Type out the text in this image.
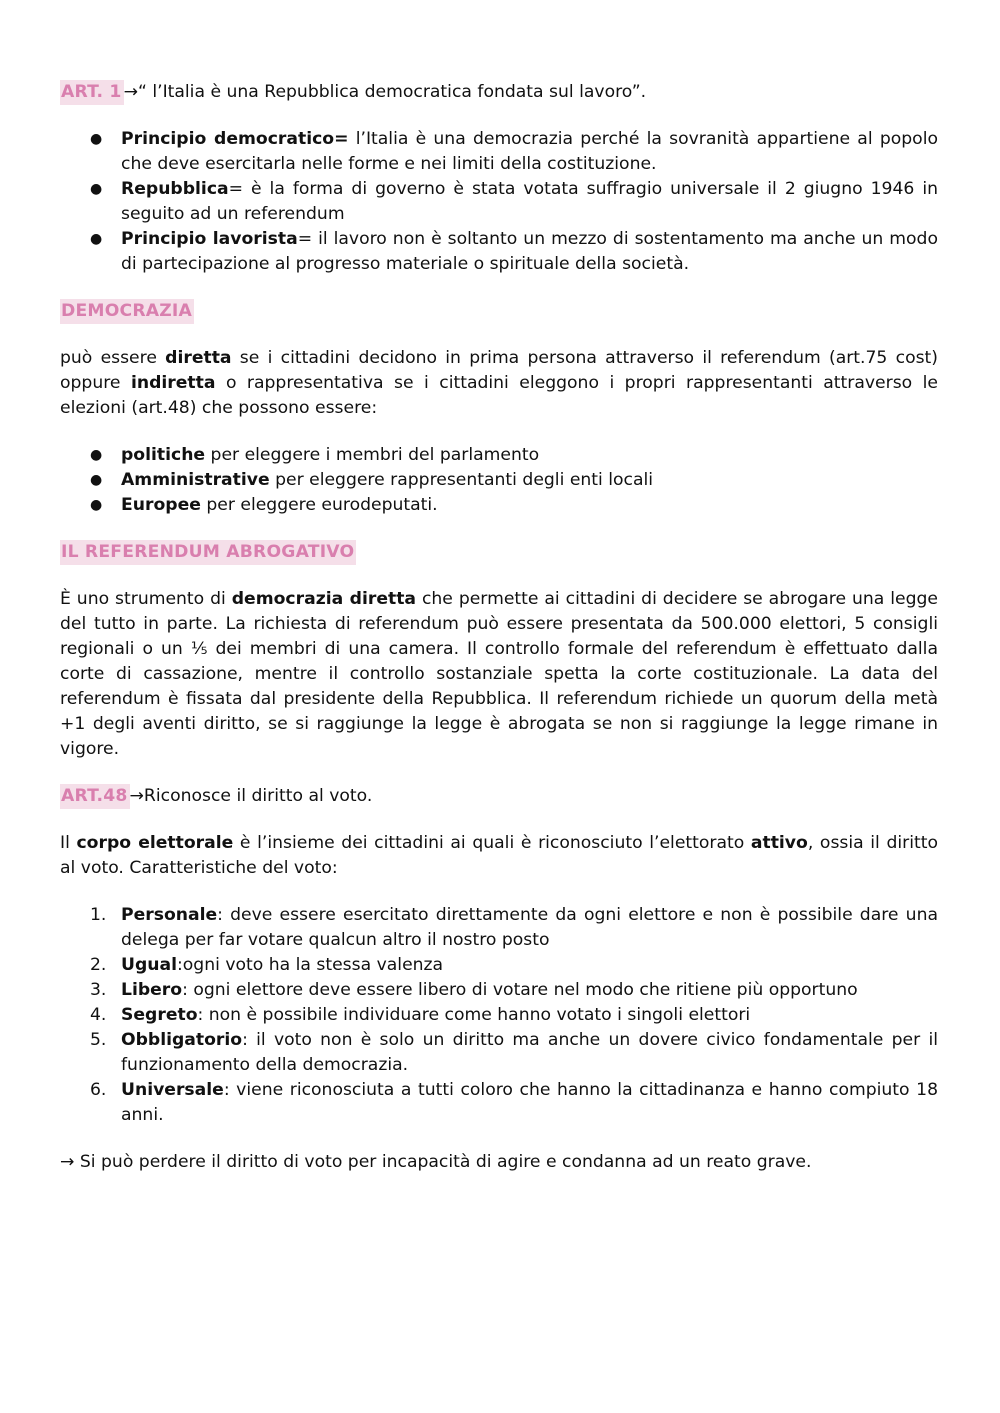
ART. 1→“ l’Italia è una Repubblica democratica fondata sul lavoro”.

● Principio democratico= l’Italia è una democrazia perché la sovranità appartiene al popolo che deve esercitarla nelle forme e nei limiti della costituzione.
● Repubblica= è la forma di governo è stata votata suffragio universale il 2 giugno 1946 in seguito ad un referendum
● Principio lavorista= il lavoro non è soltanto un mezzo di sostentamento ma anche un modo di partecipazione al progresso materiale o spirituale della società.

DEMOCRAZIA

può essere diretta se i cittadini decidono in prima persona attraverso il referendum (art.75 cost) oppure indiretta o rappresentativa se i cittadini eleggono i propri rappresentanti attraverso le elezioni (art.48) che possono essere:

● politiche per eleggere i membri del parlamento
● Amministrative per eleggere rappresentanti degli enti locali
● Europee per eleggere eurodeputati.

IL REFERENDUM ABROGATIVO

È uno strumento di democrazia diretta che permette ai cittadini di decidere se abrogare una legge del tutto in parte. La richiesta di referendum può essere presentata da 500.000 elettori, 5 consigli regionali o un ⅕ dei membri di una camera. Il controllo formale del referendum è effettuato dalla corte di cassazione, mentre il controllo sostanziale spetta la corte costituzionale. La data del referendum è fissata dal presidente della Repubblica. Il referendum richiede un quorum della metà +1 degli aventi diritto, se si raggiunge la legge è abrogata se non si raggiunge la legge rimane in vigore.

ART.48→Riconosce il diritto al voto.

Il corpo elettorale è l’insieme dei cittadini ai quali è riconosciuto l’elettorato attivo, ossia il diritto al voto. Caratteristiche del voto:

1. Personale: deve essere esercitato direttamente da ogni elettore e non è possibile dare una delega per far votare qualcun altro il nostro posto
2. Ugual:ogni voto ha la stessa valenza
3. Libero: ogni elettore deve essere libero di votare nel modo che ritiene più opportuno
4. Segreto: non è possibile individuare come hanno votato i singoli elettori
5. Obbligatorio: il voto non è solo un diritto ma anche un dovere civico fondamentale per il funzionamento della democrazia.
6. Universale: viene riconosciuta a tutti coloro che hanno la cittadinanza e hanno compiuto 18 anni.

→ Si può perdere il diritto di voto per incapacità di agire e condanna ad un reato grave.
